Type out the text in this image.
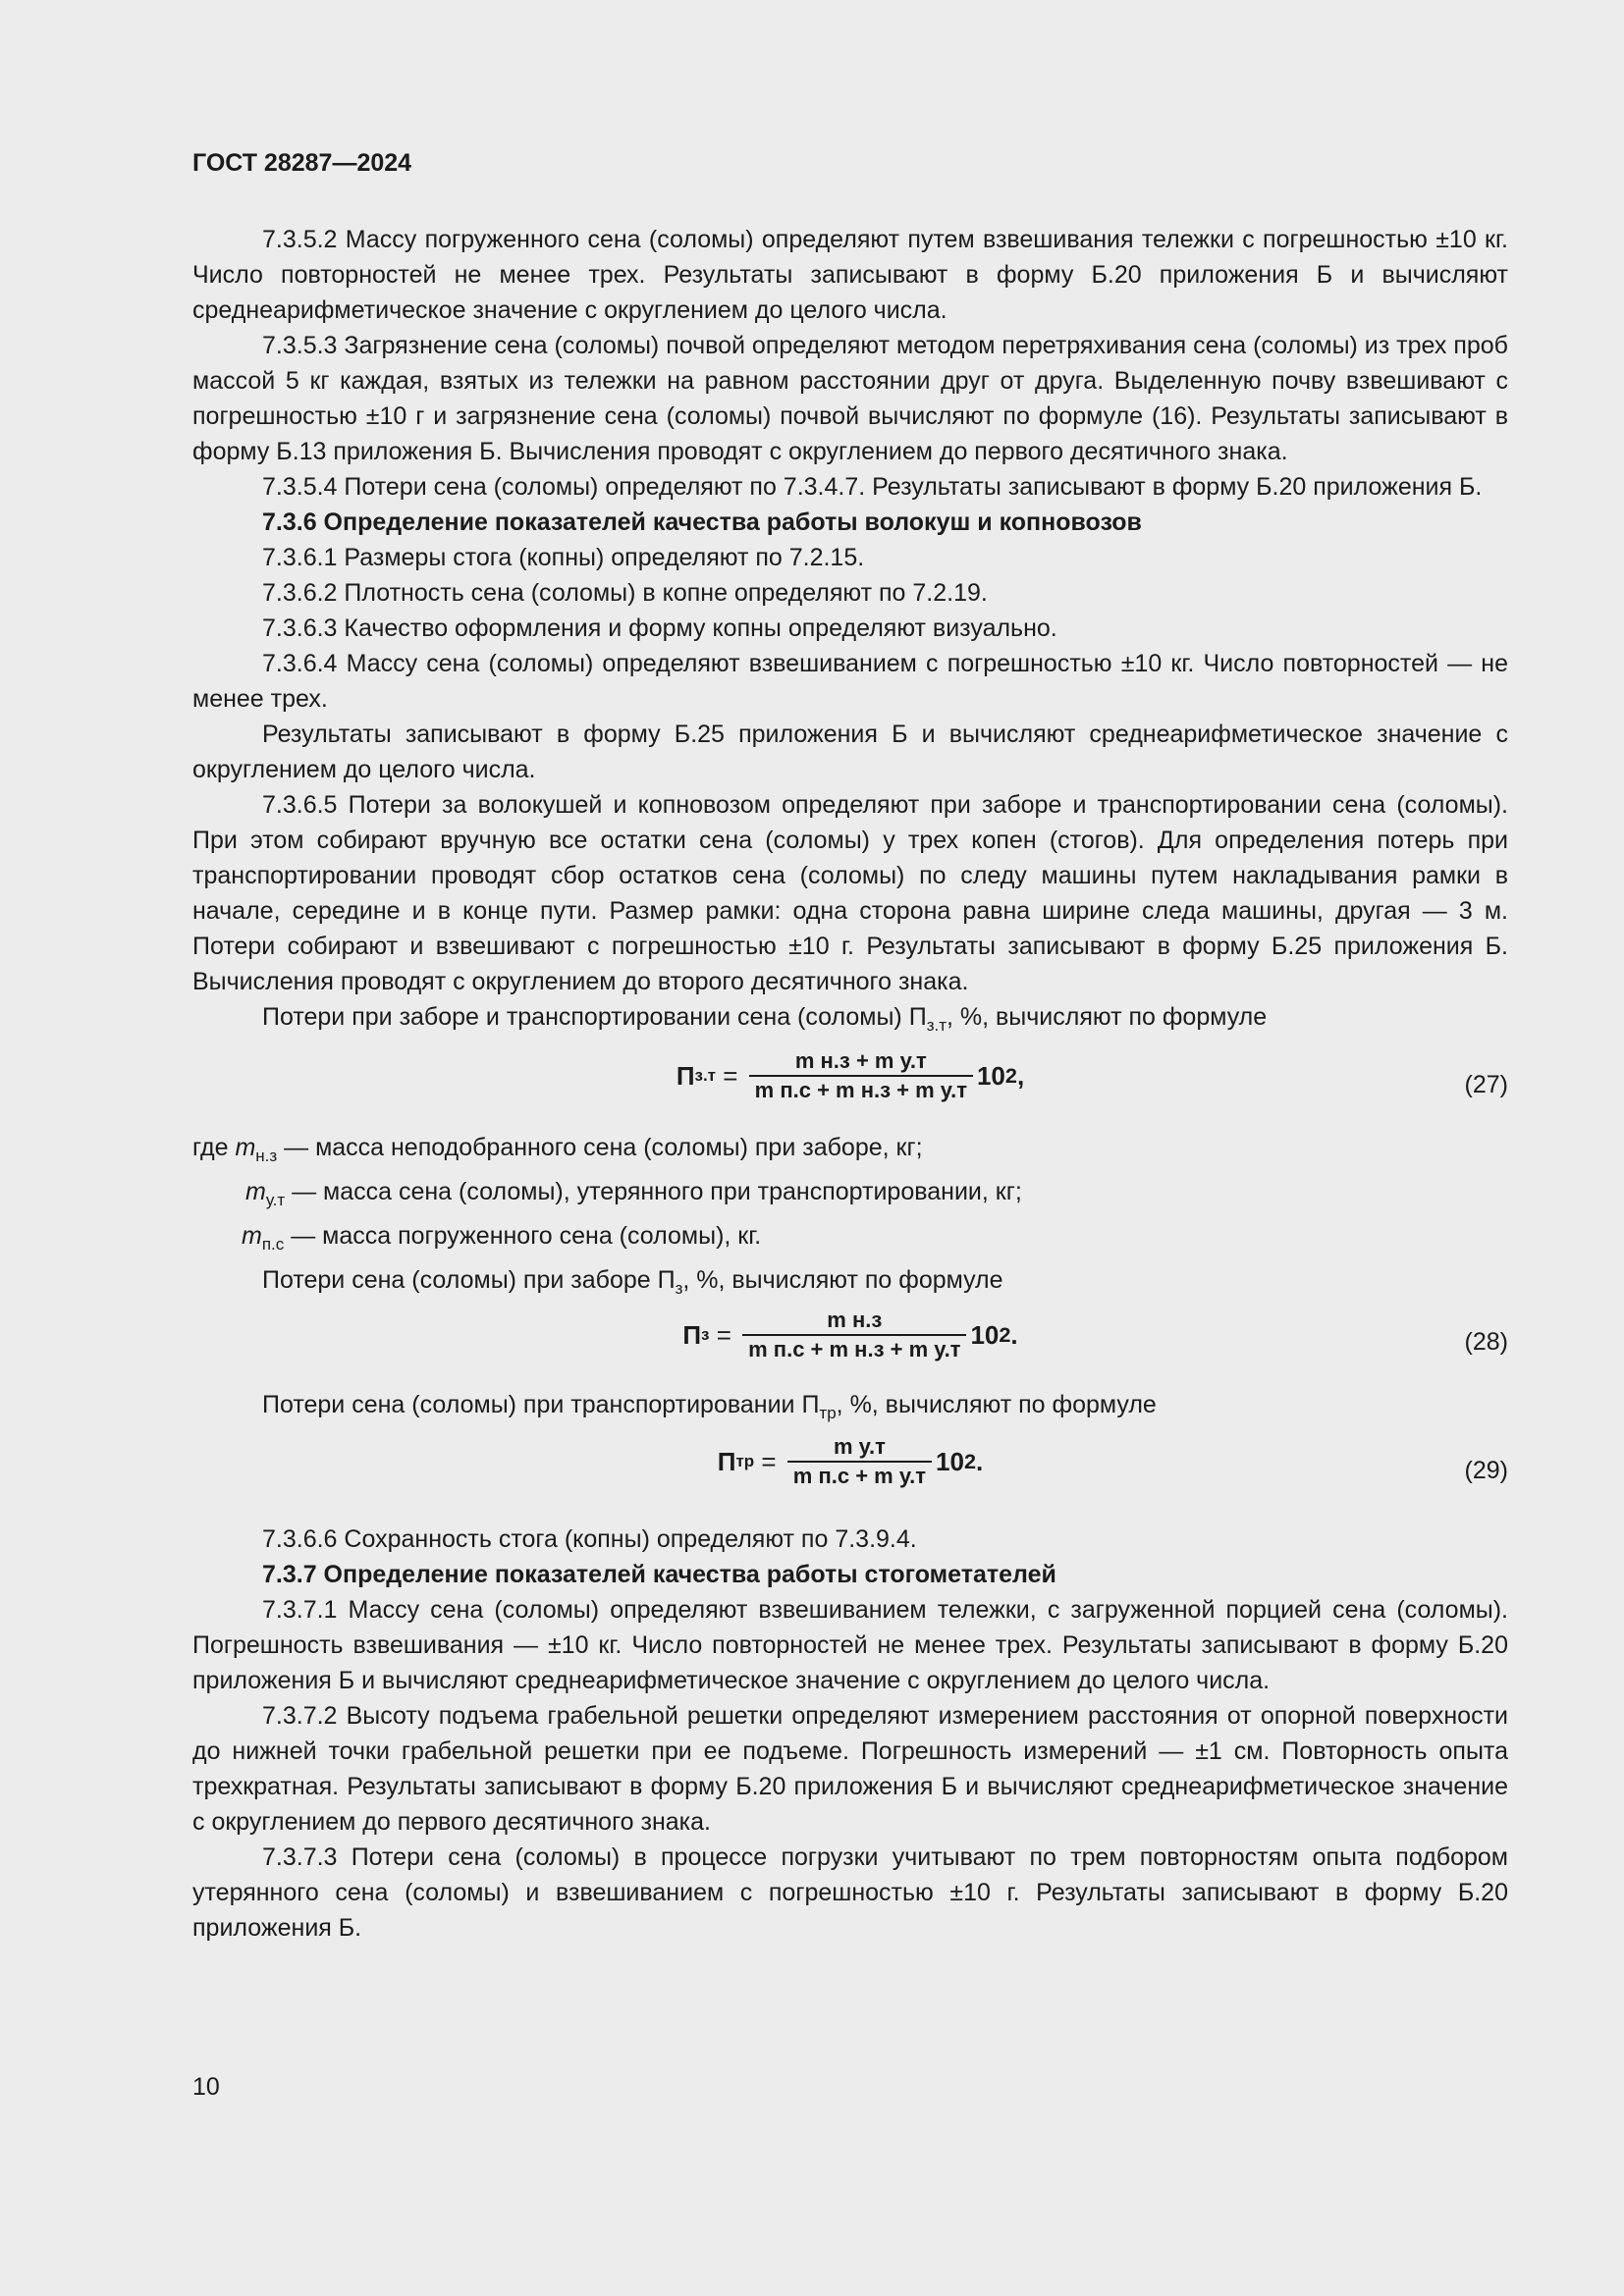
ГОСТ 28287—2024

7.3.5.2 Массу погруженного сена (соломы) определяют путем взвешивания тележки с погрешностью ±10 кг. Число повторностей не менее трех. Результаты записывают в форму Б.20 приложения Б и вычисляют среднеарифметическое значение с округлением до целого числа.

7.3.5.3 Загрязнение сена (соломы) почвой определяют методом перетряхивания сена (соломы) из трех проб массой 5 кг каждая, взятых из тележки на равном расстоянии друг от друга. Выделенную почву взвешивают с погрешностью ±10 г и загрязнение сена (соломы) почвой вычисляют по формуле (16). Результаты записывают в форму Б.13 приложения Б. Вычисления проводят с округлением до первого десятичного знака.

7.3.5.4 Потери сена (соломы) определяют по 7.3.4.7. Результаты записывают в форму Б.20 приложения Б.

7.3.6 Определение показателей качества работы волокуш и копновозов

7.3.6.1 Размеры стога (копны) определяют по 7.2.15.

7.3.6.2 Плотность сена (соломы) в копне определяют по 7.2.19.

7.3.6.3 Качество оформления и форму копны определяют визуально.

7.3.6.4 Массу сена (соломы) определяют взвешиванием с погрешностью ±10 кг. Число повторностей — не менее трех.

Результаты записывают в форму Б.25 приложения Б и вычисляют среднеарифметическое значение с округлением до целого числа.

7.3.6.5 Потери за волокушей и копновозом определяют при заборе и транспортировании сена (соломы). При этом собирают вручную все остатки сена (соломы) у трех копен (стогов). Для определения потерь при транспортировании проводят сбор остатков сена (соломы) по следу машины путем накладывания рамки в начале, середине и в конце пути. Размер рамки: одна сторона равна ширине следа машины, другая — 3 м. Потери собирают и взвешивают с погрешностью ±10 г. Результаты записывают в форму Б.25 приложения Б. Вычисления проводят с округлением до второго десятичного знака.

Потери при заборе и транспортировании сена (соломы) $П_{з.т}$, %, вычисляют по формуле

П $з.т = \frac{\text{m н.з + m у.т}}{\text{m п.с + m н.з + m у.т}} 10$ 2 ,	(27)

где $m_{н.з}$ — масса неподобранного сена (соломы) при заборе, кг;

$m_{у.т}$ — масса сена (соломы), утерянного при транспортировании, кг;

$m_{п.с}$ — масса погруженного сена (соломы), кг.

Потери сена (соломы) при заборе $П_з$, %, вычисляют по формуле

П $з = \frac{\text{m н.з}}{\text{m п.с + m н.з + m у.т}} 10$ 2 .	(28)

Потери сена (соломы) при транспортировании $П_{тр}$, %, вычисляют по формуле

П тр = $\frac{\text{m у.т}}{\text{m п.с + m у.т}} 10$ 2 .	(29)

7.3.6.6 Сохранность стога (копны) определяют по 7.3.9.4.

7.3.7 Определение показателей качества работы стогометателей

7.3.7.1 Массу сена (соломы) определяют взвешиванием тележки, с загруженной порцией сена (соломы). Погрешность взвешивания — ±10 кг. Число повторностей не менее трех. Результаты записывают в форму Б.20 приложения Б и вычисляют среднеарифметическое значение с округлением до целого числа.

7.3.7.2 Высоту подъема грабельной решетки определяют измерением расстояния от опорной поверхности до нижней точки грабельной решетки при ее подъеме. Погрешность измерений — ±1 см. Повторность опыта трехкратная. Результаты записывают в форму Б.20 приложения Б и вычисляют среднеарифметическое значение с округлением до первого десятичного знака.

7.3.7.3 Потери сена (соломы) в процессе погрузки учитывают по трем повторностям опыта подбором утерянного сена (соломы) и взвешиванием с погрешностью ±10 г. Результаты записывают в форму Б.20 приложения Б.

10
